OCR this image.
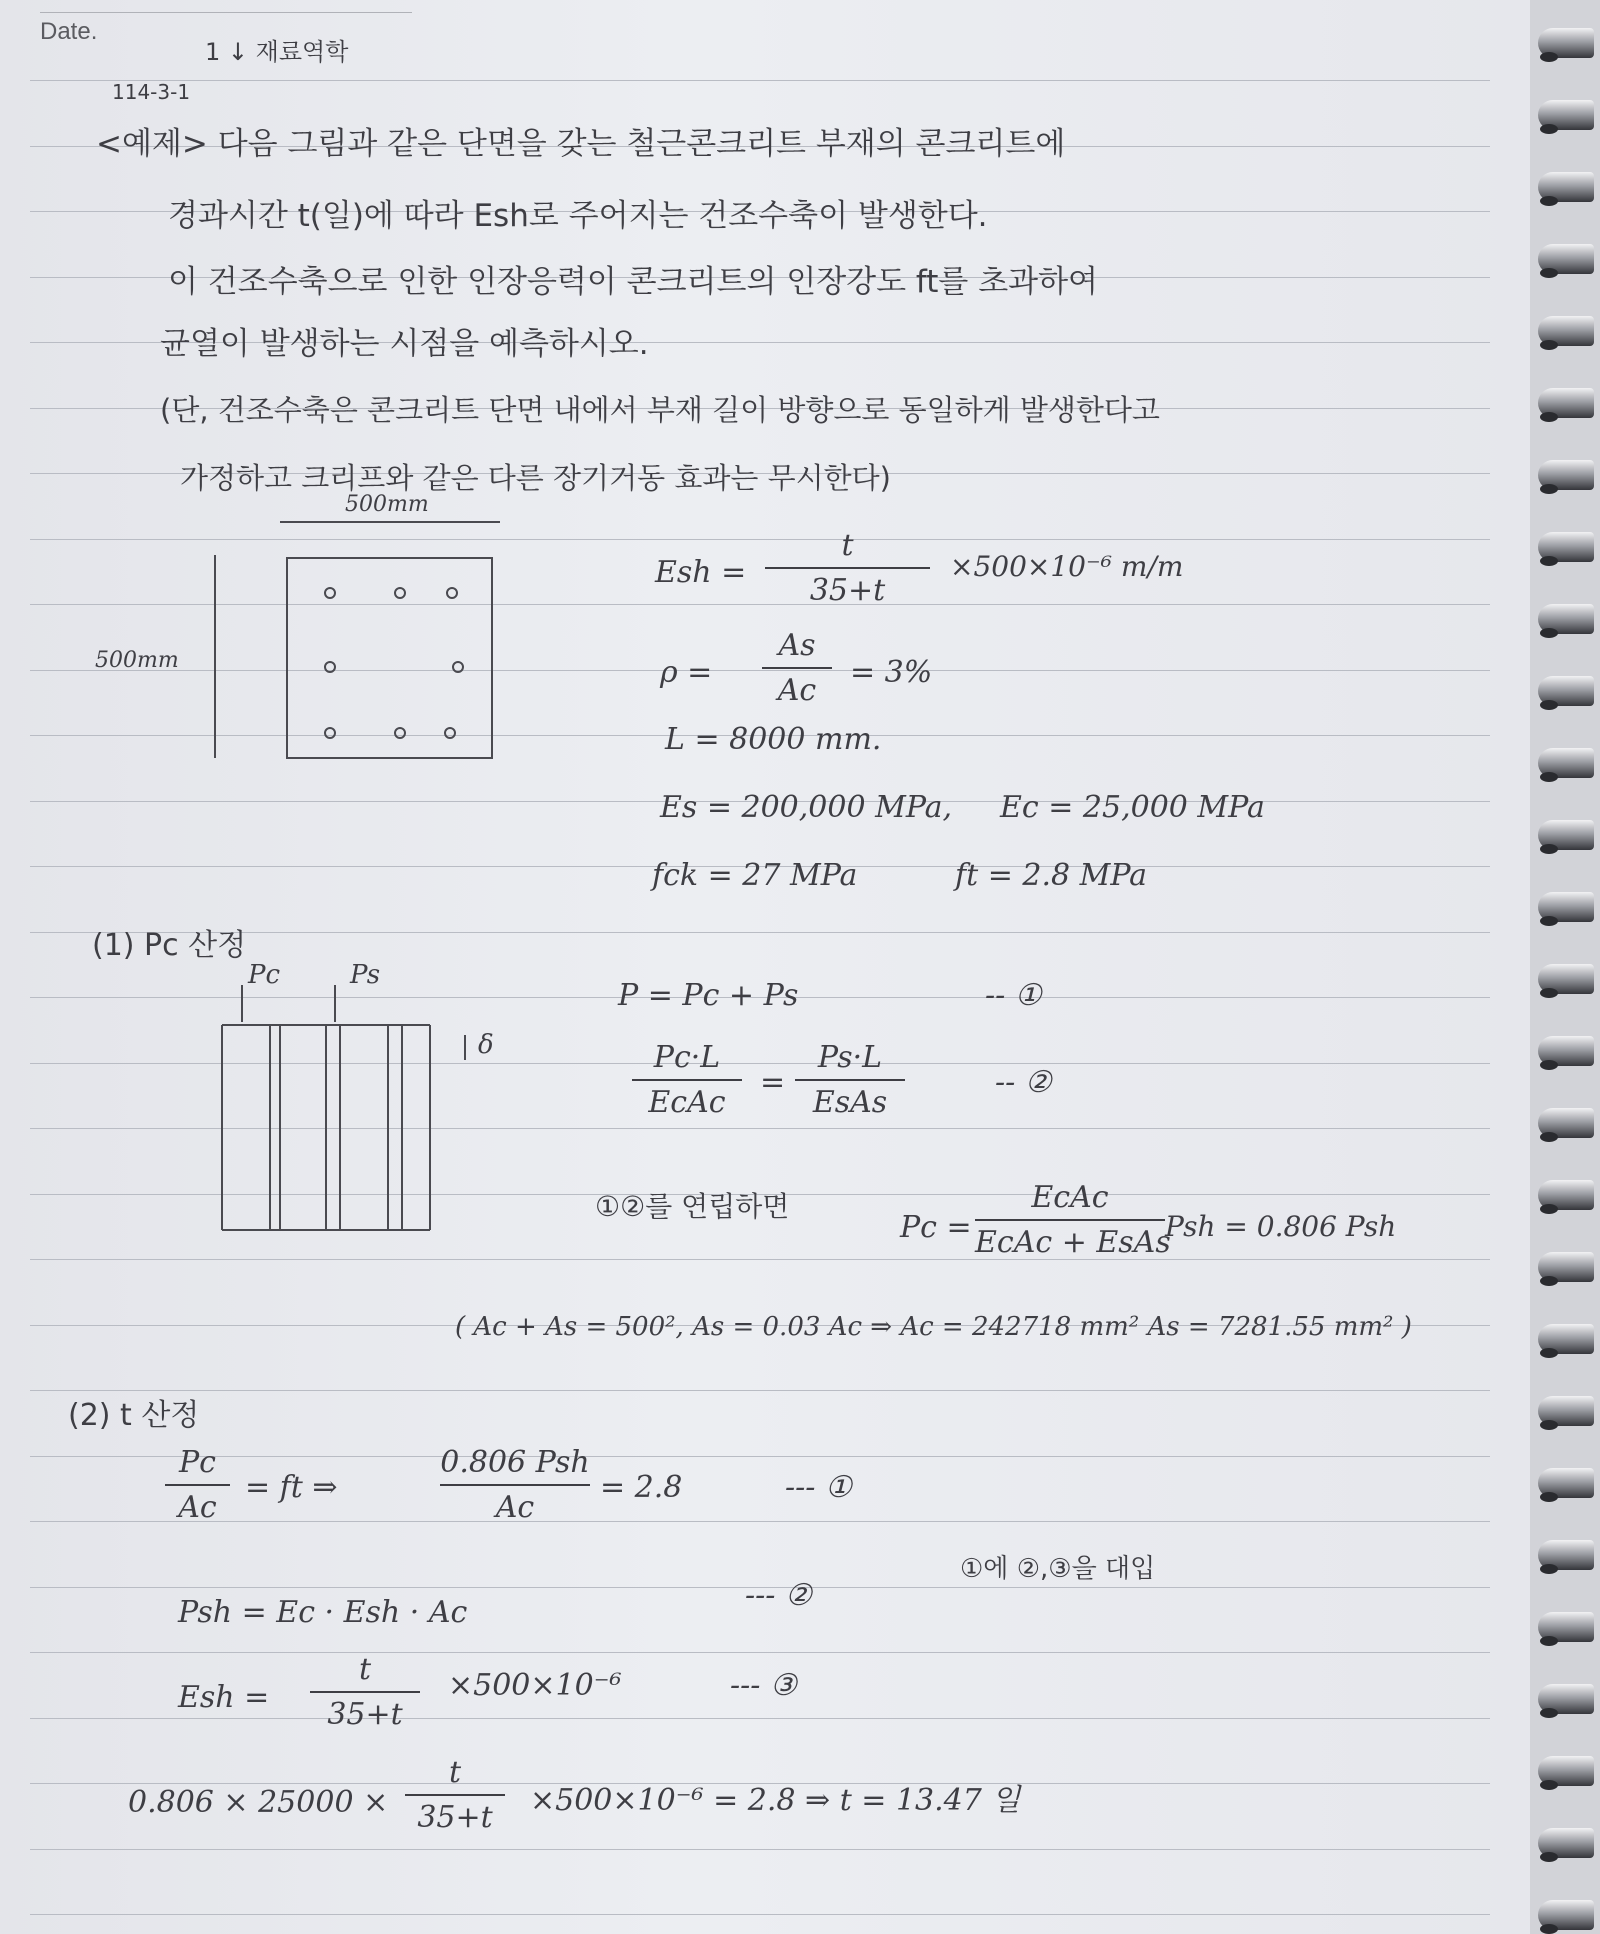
Date.
1 ↓ 재료역학
114-3-1
<예제> 다음 그림과 같은 단면을 갖는 철근콘크리트 부재의 콘크리트에
경과시간 t(일)에 따라 Esh로 주어지는 건조수축이 발생한다.
이 건조수축으로 인한 인장응력이 콘크리트의 인장강도 ft를 초과하여
균열이 발생하는 시점을 예측하시오.
(단, 건조수축은 콘크리트 단면 내에서 부재 길이 방향으로 동일하게 발생한다고
가정하고 크리프와 같은 다른 장기거동 효과는 무시한다)
500mm
500mm
Esh =
t
35+t
×500×10⁻⁶ m/m
ρ =
As
Ac
= 3%
L = 8000 mm.
Es = 200,000 MPa, Ec = 25,000 MPa
fck = 27 MPa	ft = 2.8 MPa
(1) Pc 산정
Pc	Ps
δ
P = Pc + Ps	-- ①
Pc·L
EcAc
=
Ps·L
EsAs
-- ②
①②를 연립하면
Pc =
EcAc
EcAc + EsAs
Psh = 0.806 Psh
( Ac + As = 500², As = 0.03 Ac ⇒ Ac = 242718 mm² As = 7281.55 mm² )
(2) t 산정
Pc
Ac
= ft ⇒
0.806 Psh
Ac
= 2.8	--- ①
①에 ②,③을 대입
Psh = Ec · Esh · Ac	--- ②
Esh =
t
35+t
×500×10⁻⁶	--- ③
0.806 × 25000 ×
t
35+t	×500×10⁻⁶ = 2.8 ⇒ t = 13.47 일
